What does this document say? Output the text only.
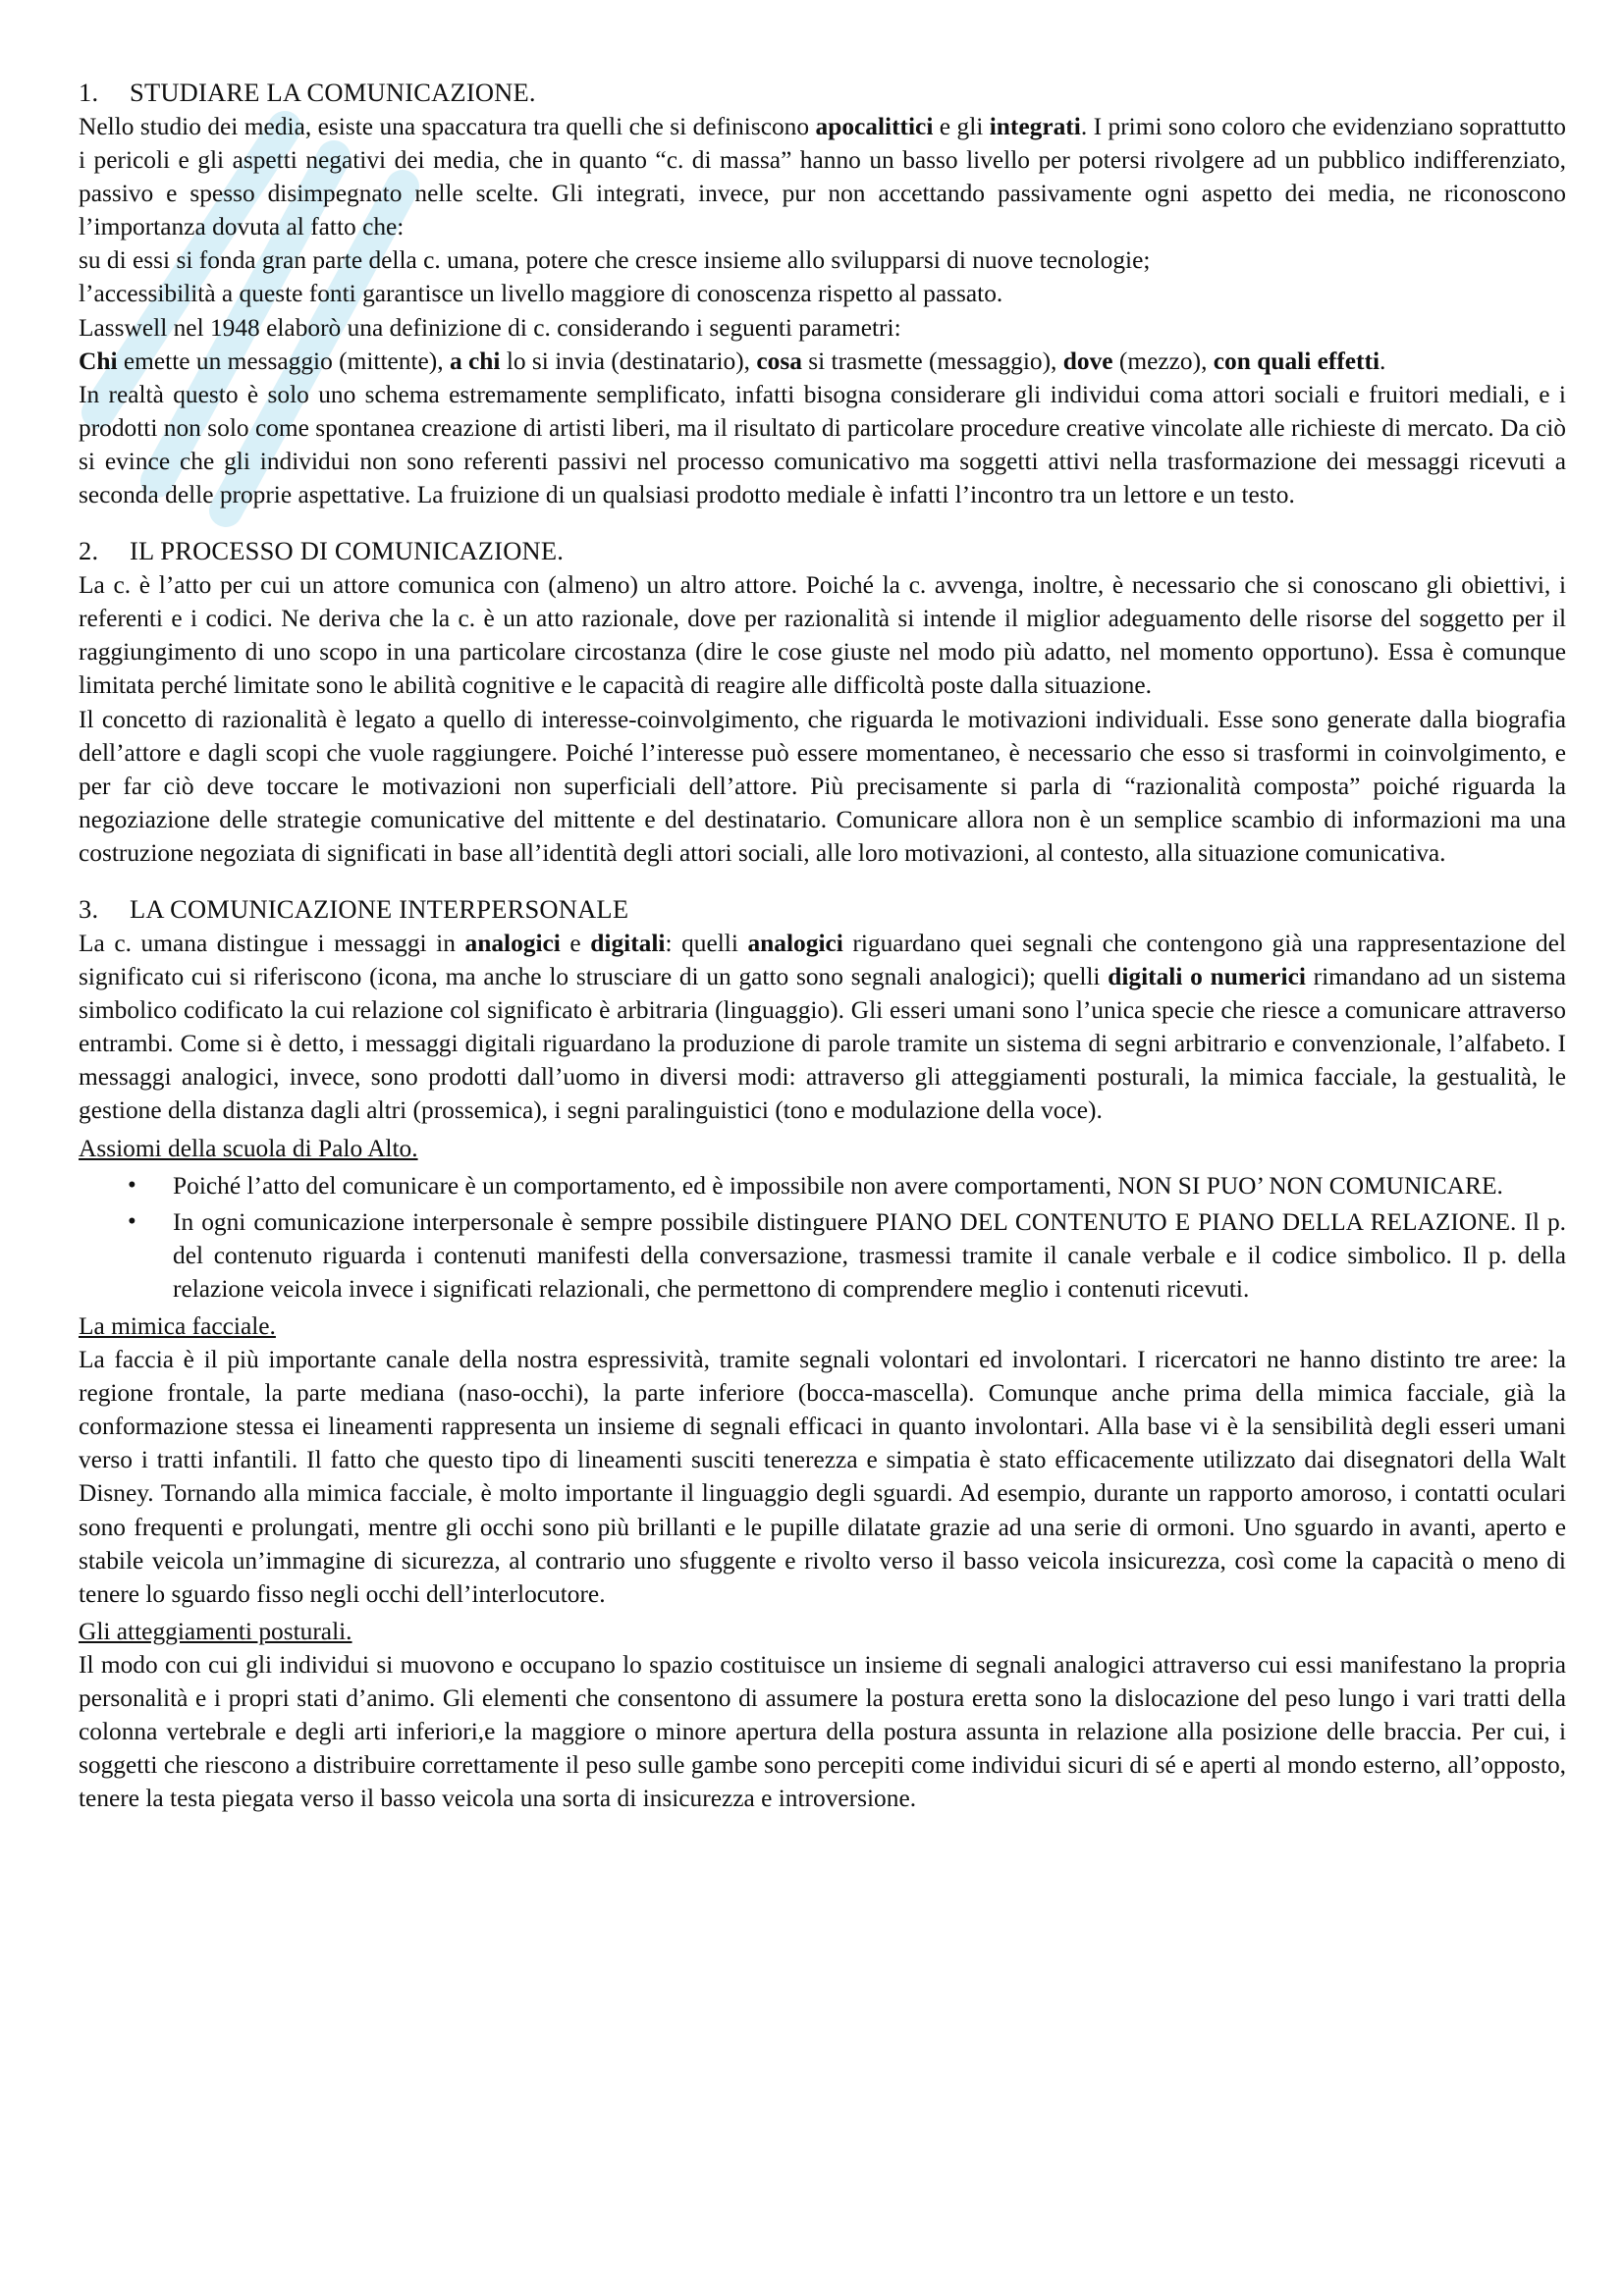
1. STUDIARE LA COMUNICAZIONE.

Nello studio dei media, esiste una spaccatura tra quelli che si definiscono apocalittici e gli integrati. I primi sono coloro che evidenziano soprattutto i pericoli e gli aspetti negativi dei media, che in quanto “c. di massa” hanno un basso livello per potersi rivolgere ad un pubblico indifferenziato, passivo e spesso disimpegnato nelle scelte. Gli integrati, invece, pur non accettando passivamente ogni aspetto dei media, ne riconoscono l’importanza dovuta al fatto che:

su di essi si fonda gran parte della c. umana, potere che cresce insieme allo svilupparsi di nuove tecnologie;

l’accessibilità a queste fonti garantisce un livello maggiore di conoscenza rispetto al passato.

Lasswell nel 1948 elaborò una definizione di c. considerando i seguenti parametri:

Chi emette un messaggio (mittente), a chi lo si invia (destinatario), cosa si trasmette (messaggio), dove (mezzo), con quali effetti.

In realtà questo è solo uno schema estremamente semplificato, infatti bisogna considerare gli individui coma attori sociali e fruitori mediali, e i prodotti non solo come spontanea creazione di artisti liberi, ma il risultato di particolare procedure creative vincolate alle richieste di mercato. Da ciò si evince che gli individui non sono referenti passivi nel processo comunicativo ma soggetti attivi nella trasformazione dei messaggi ricevuti a seconda delle proprie aspettative. La fruizione di un qualsiasi prodotto mediale è infatti l’incontro tra un lettore e un testo.

2. IL PROCESSO DI COMUNICAZIONE.

La c. è l’atto per cui un attore comunica con (almeno) un altro attore. Poiché la c. avvenga, inoltre, è necessario che si conoscano gli obiettivi, i referenti e i codici. Ne deriva che la c. è un atto razionale, dove per razionalità si intende il miglior adeguamento delle risorse del soggetto per il raggiungimento di uno scopo in una particolare circostanza (dire le cose giuste nel modo più adatto, nel momento opportuno). Essa è comunque limitata perché limitate sono le abilità cognitive e le capacità di reagire alle difficoltà poste dalla situazione.

Il concetto di razionalità è legato a quello di interesse-coinvolgimento, che riguarda le motivazioni individuali. Esse sono generate dalla biografia dell’attore e dagli scopi che vuole raggiungere. Poiché l’interesse può essere momentaneo, è necessario che esso si trasformi in coinvolgimento, e per far ciò deve toccare le motivazioni non superficiali dell’attore. Più precisamente si parla di “razionalità composta” poiché riguarda la negoziazione delle strategie comunicative del mittente e del destinatario. Comunicare allora non è un semplice scambio di informazioni ma una costruzione negoziata di significati in base all’identità degli attori sociali, alle loro motivazioni, al contesto, alla situazione comunicativa.

3. LA COMUNICAZIONE INTERPERSONALE

La c. umana distingue i messaggi in analogici e digitali: quelli analogici riguardano quei segnali che contengono già una rappresentazione del significato cui si riferiscono (icona, ma anche lo strusciare di un gatto sono segnali analogici); quelli digitali o numerici rimandano ad un sistema simbolico codificato la cui relazione col significato è arbitraria (linguaggio). Gli esseri umani sono l’unica specie che riesce a comunicare attraverso entrambi. Come si è detto, i messaggi digitali riguardano la produzione di parole tramite un sistema di segni arbitrario e convenzionale, l’alfabeto. I messaggi analogici, invece, sono prodotti dall’uomo in diversi modi: attraverso gli atteggiamenti posturali, la mimica facciale, la gestualità, le gestione della distanza dagli altri (prossemica), i segni paralinguistici (tono e modulazione della voce).

Assiomi della scuola di Palo Alto.

• Poiché l’atto del comunicare è un comportamento, ed è impossibile non avere comportamenti, NON SI PUO’ NON COMUNICARE.
• In ogni comunicazione interpersonale è sempre possibile distinguere PIANO DEL CONTENUTO E PIANO DELLA RELAZIONE. Il p. del contenuto riguarda i contenuti manifesti della conversazione, trasmessi tramite il canale verbale e il codice simbolico. Il p. della relazione veicola invece i significati relazionali, che permettono di comprendere meglio i contenuti ricevuti.

La mimica facciale.

La faccia è il più importante canale della nostra espressività, tramite segnali volontari ed involontari. I ricercatori ne hanno distinto tre aree: la regione frontale, la parte mediana (naso-occhi), la parte inferiore (bocca-mascella). Comunque anche prima della mimica facciale, già la conformazione stessa ei lineamenti rappresenta un insieme di segnali efficaci in quanto involontari. Alla base vi è la sensibilità degli esseri umani verso i tratti infantili. Il fatto che questo tipo di lineamenti susciti tenerezza e simpatia è stato efficacemente utilizzato dai disegnatori della Walt Disney. Tornando alla mimica facciale, è molto importante il linguaggio degli sguardi. Ad esempio, durante un rapporto amoroso, i contatti oculari sono frequenti e prolungati, mentre gli occhi sono più brillanti e le pupille dilatate grazie ad una serie di ormoni. Uno sguardo in avanti, aperto e stabile veicola un’immagine di sicurezza, al contrario uno sfuggente e rivolto verso il basso veicola insicurezza, così come la capacità o meno di tenere lo sguardo fisso negli occhi dell’interlocutore.

Gli atteggiamenti posturali.

Il modo con cui gli individui si muovono e occupano lo spazio costituisce un insieme di segnali analogici attraverso cui essi manifestano la propria personalità e i propri stati d’animo. Gli elementi che consentono di assumere la postura eretta sono la dislocazione del peso lungo i vari tratti della colonna vertebrale e degli arti inferiori,e la maggiore o minore apertura della postura assunta in relazione alla posizione delle braccia. Per cui, i soggetti che riescono a distribuire correttamente il peso sulle gambe sono percepiti come individui sicuri di sé e aperti al mondo esterno, all’opposto, tenere la testa piegata verso il basso veicola una sorta di insicurezza e introversione.
